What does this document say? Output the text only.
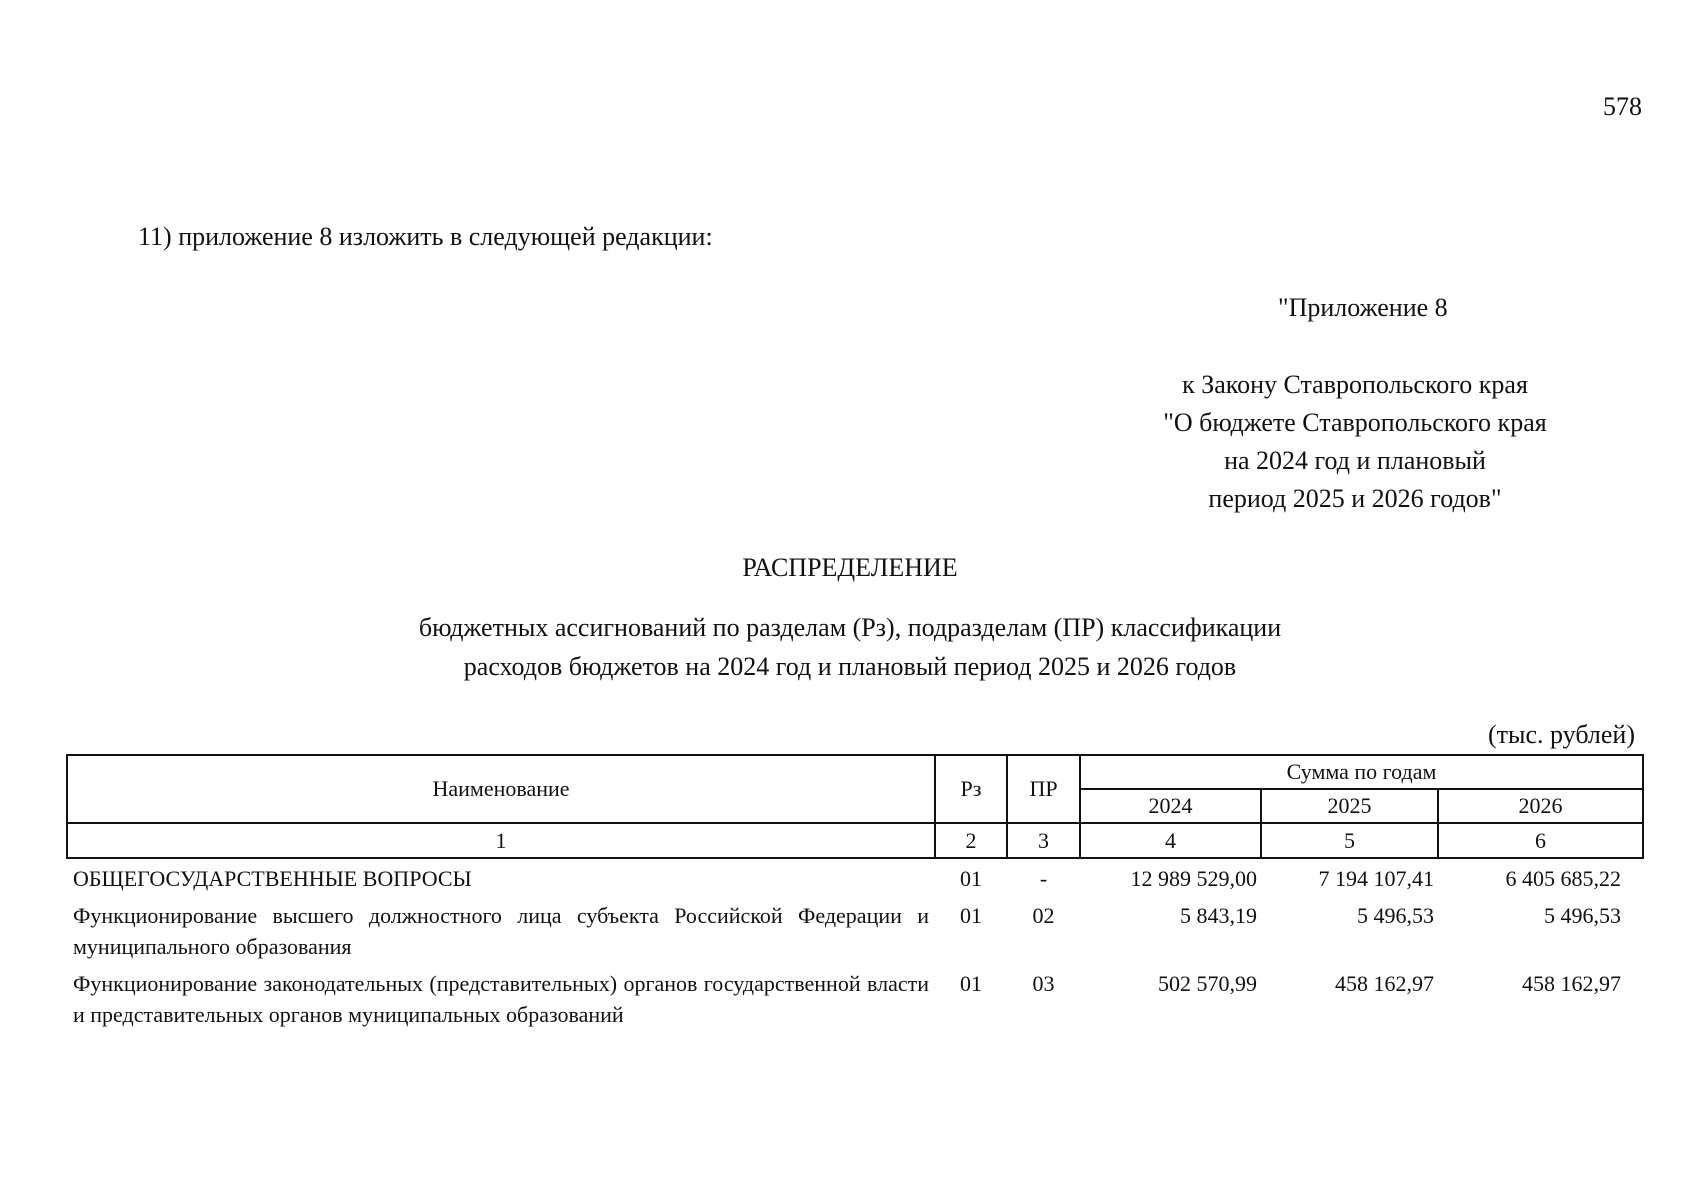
578
11) приложение 8 изложить в следующей редакции:
"Приложение 8
к Закону Ставропольского края
"О бюджете Ставропольского края
на 2024 год и плановый
период 2025 и 2026 годов"
РАСПРЕДЕЛЕНИЕ
бюджетных ассигнований по разделам (Рз), подразделам (ПР) классификации
расходов бюджетов на 2024 год и плановый период 2025 и 2026 годов
(тыс. рублей)
Наименование	Рз	ПР	Сумма по годам		
			2024	2025	2026
1	2	3	4	5	6
ОБЩЕГОСУДАРСТВЕННЫЕ ВОПРОСЫ	01	-	12 989 529,00	7 194 107,41	6 405 685,22
Функционирование высшего должностного лица субъекта Российской Федерации и муниципального образования	01	02	5 843,19	5 496,53	5 496,53
Функционирование законодательных (представительных) органов государственной власти и представительных органов муниципальных образований	01	03	502 570,99	458 162,97	458 162,97
